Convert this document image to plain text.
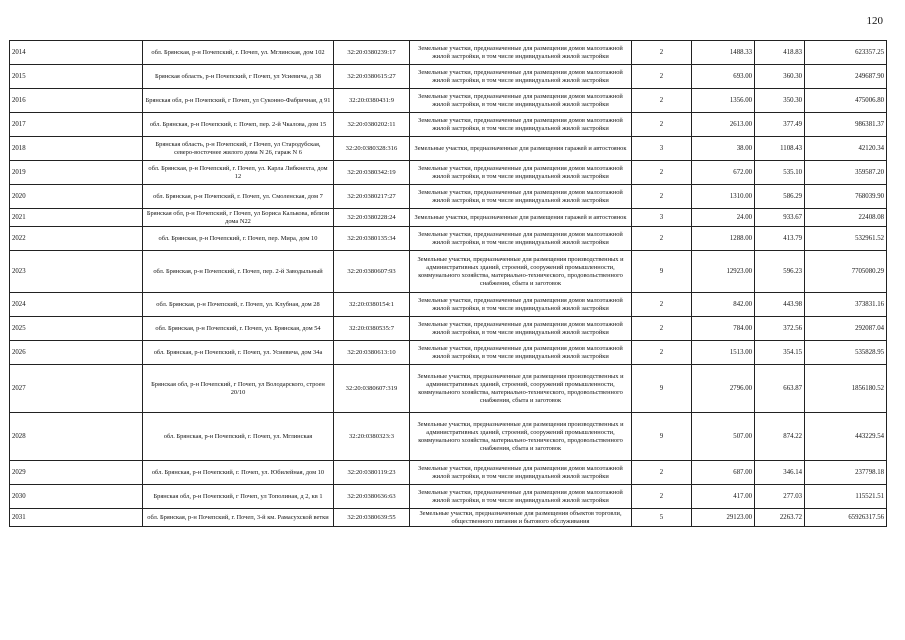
120
2014	обл. Брянская, р-н Почепский, г. Почеп, ул. Мглинская, дом 102	32:20:0380239:17	Земельные участки, предназначенные для размещения домов малоэтажной жилой застройки, в том числе индивидуальной жилой застройки	2	1488.33	418.83	623357.25
2015	Брянская область, р-н Почепский, г Почеп, ул Усиевича, д 38	32:20:0380615:27	Земельные участки, предназначенные для размещения домов малоэтажной жилой застройки, в том числе индивидуальной жилой застройки	2	693.00	360.30	249687.90
2016	Брянская обл, р-н Почепский, г Почеп, ул Суконно-Фабричная, д 91	32:20:0380431:9	Земельные участки, предназначенные для размещения домов малоэтажной жилой застройки, в том числе индивидуальной жилой застройки	2	1356.00	350.30	475006.80
2017	обл. Брянская, р-н Почепский, г. Почеп, пер. 2-й Чкалова, дом 15	32:20:0380202:11	Земельные участки, предназначенные для размещения домов малоэтажной жилой застройки, в том числе индивидуальной жилой застройки	2	2613.00	377.49	986381.37
2018	Брянская область, р-н Почепский, г Почеп, ул Стародубская, северо-восточнее жилого дома N 26, гараж N 6	32:20:0380328:316	Земельные участки, предназначенные для размещения гаражей и автостоянок	3	38.00	1108.43	42120.34
2019	обл. Брянская, р-н Почепский, г. Почеп, ул. Карла Либкнехта, дом 12	32:20:0380342:19	Земельные участки, предназначенные для размещения домов малоэтажной жилой застройки, в том числе индивидуальной жилой застройки	2	672.00	535.10	359587.20
2020	обл. Брянская, р-н Почепский, г. Почеп, ул. Смоленская, дом 7	32:20:0380217:27	Земельные участки, предназначенные для размещения домов малоэтажной жилой застройки, в том числе индивидуальной жилой застройки	2	1310.00	586.29	768039.90
2021	Брянская обл, р-н Почепский, г Почеп, ул Бориса Калькова, вблизи дома N22	32:20:0380228:24	Земельные участки, предназначенные для размещения гаражей и автостоянок	3	24.00	933.67	22408.08
2022	обл. Брянская, р-н Почепский, г. Почеп, пер. Мира, дом 10	32:20:0380135:34	Земельные участки, предназначенные для размещения домов малоэтажной жилой застройки, в том числе индивидуальной жилой застройки	2	1288.00	413.79	532961.52
2023	обл. Брянская, р-н Почепский, г. Почеп, пер. 2-й Заводыльный	32:20:0380607:93	Земельные участки, предназначенные для размещения производственных и административных зданий, строений, сооружений промышленности, коммунального хозяйства, материально-технического, продовольственного снабжения, сбыта и заготовок	9	12923.00	596.23	7705080.29
2024	обл. Брянская, р-н Почепский, г. Почеп, ул. Клубная, дом 28	32:20:0380154:1	Земельные участки, предназначенные для размещения домов малоэтажной жилой застройки, в том числе индивидуальной жилой застройки	2	842.00	443.98	373831.16
2025	обл. Брянская, р-н Почепский, г. Почеп, ул. Брянская, дом 54	32:20:0380535:7	Земельные участки, предназначенные для размещения домов малоэтажной жилой застройки, в том числе индивидуальной жилой застройки	2	784.00	372.56	292087.04
2026	обл. Брянская, р-н Почепский, г. Почеп, ул. Усиевича, дом 34а	32:20:0380613:10	Земельные участки, предназначенные для размещения домов малоэтажной жилой застройки, в том числе индивидуальной жилой застройки	2	1513.00	354.15	535828.95
2027	Брянская обл, р-н Почепский, г Почеп, ул Володарского, строен 20/10	32:20:0380607:319	Земельные участки, предназначенные для размещения производственных и административных зданий, строений, сооружений промышленности, коммунального хозяйства, материально-технического, продовольственного снабжения, сбыта и заготовок	9	2796.00	663.87	1856180.52
2028	обл. Брянская, р-н Почепский, г. Почеп, ул. Мглинская	32:20:0380323:3	Земельные участки, предназначенные для размещения производственных и административных зданий, строений, сооружений промышленности, коммунального хозяйства, материально-технического, продовольственного снабжения, сбыта и заготовок	9	507.00	874.22	443229.54
2029	обл. Брянская, р-н Почепский, г. Почеп, ул. Юбилейная, дом 10	32:20:0380119:23	Земельные участки, предназначенные для размещения домов малоэтажной жилой застройки, в том числе индивидуальной жилой застройки	2	687.00	346.14	237798.18
2030	Брянская обл, р-н Почепский, г Почеп, ул Тополиная, д 2, кв 1	32:20:0380636:63	Земельные участки, предназначенные для размещения домов малоэтажной жилой застройки, в том числе индивидуальной жилой застройки	2	417.00	277.03	115521.51
2031	обл. Брянская, р-н Почепский, г. Почеп, 3-й км. Рамасухской ветки	32:20:0380639:55	Земельные участки, предназначенные для размещения объектов торговли, общественного питания и бытового обслуживания	5	29123.00	2263.72	65926317.56
